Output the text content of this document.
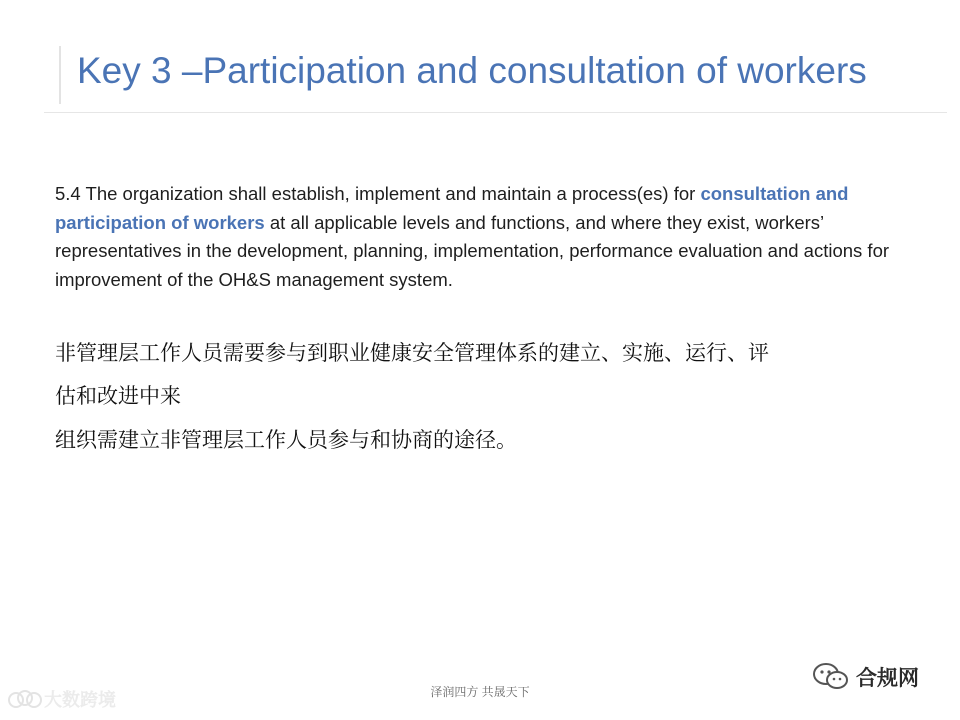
Key 3 –Participation and consultation of workers
5.4 The organization shall establish, implement and maintain a process(es) for consultation and participation of workers at all applicable levels and functions, and where they exist, workers’ representatives in the development, planning, implementation, performance evaluation and actions for improvement of the OH&S management system.
非管理层工作人员需要参与到职业健康安全管理体系的建立、实施、运行、评
估和改进中来
组织需建立非管理层工作人员参与和协商的途径。
泽润四方 共晟天下
大数跨境
合规网
